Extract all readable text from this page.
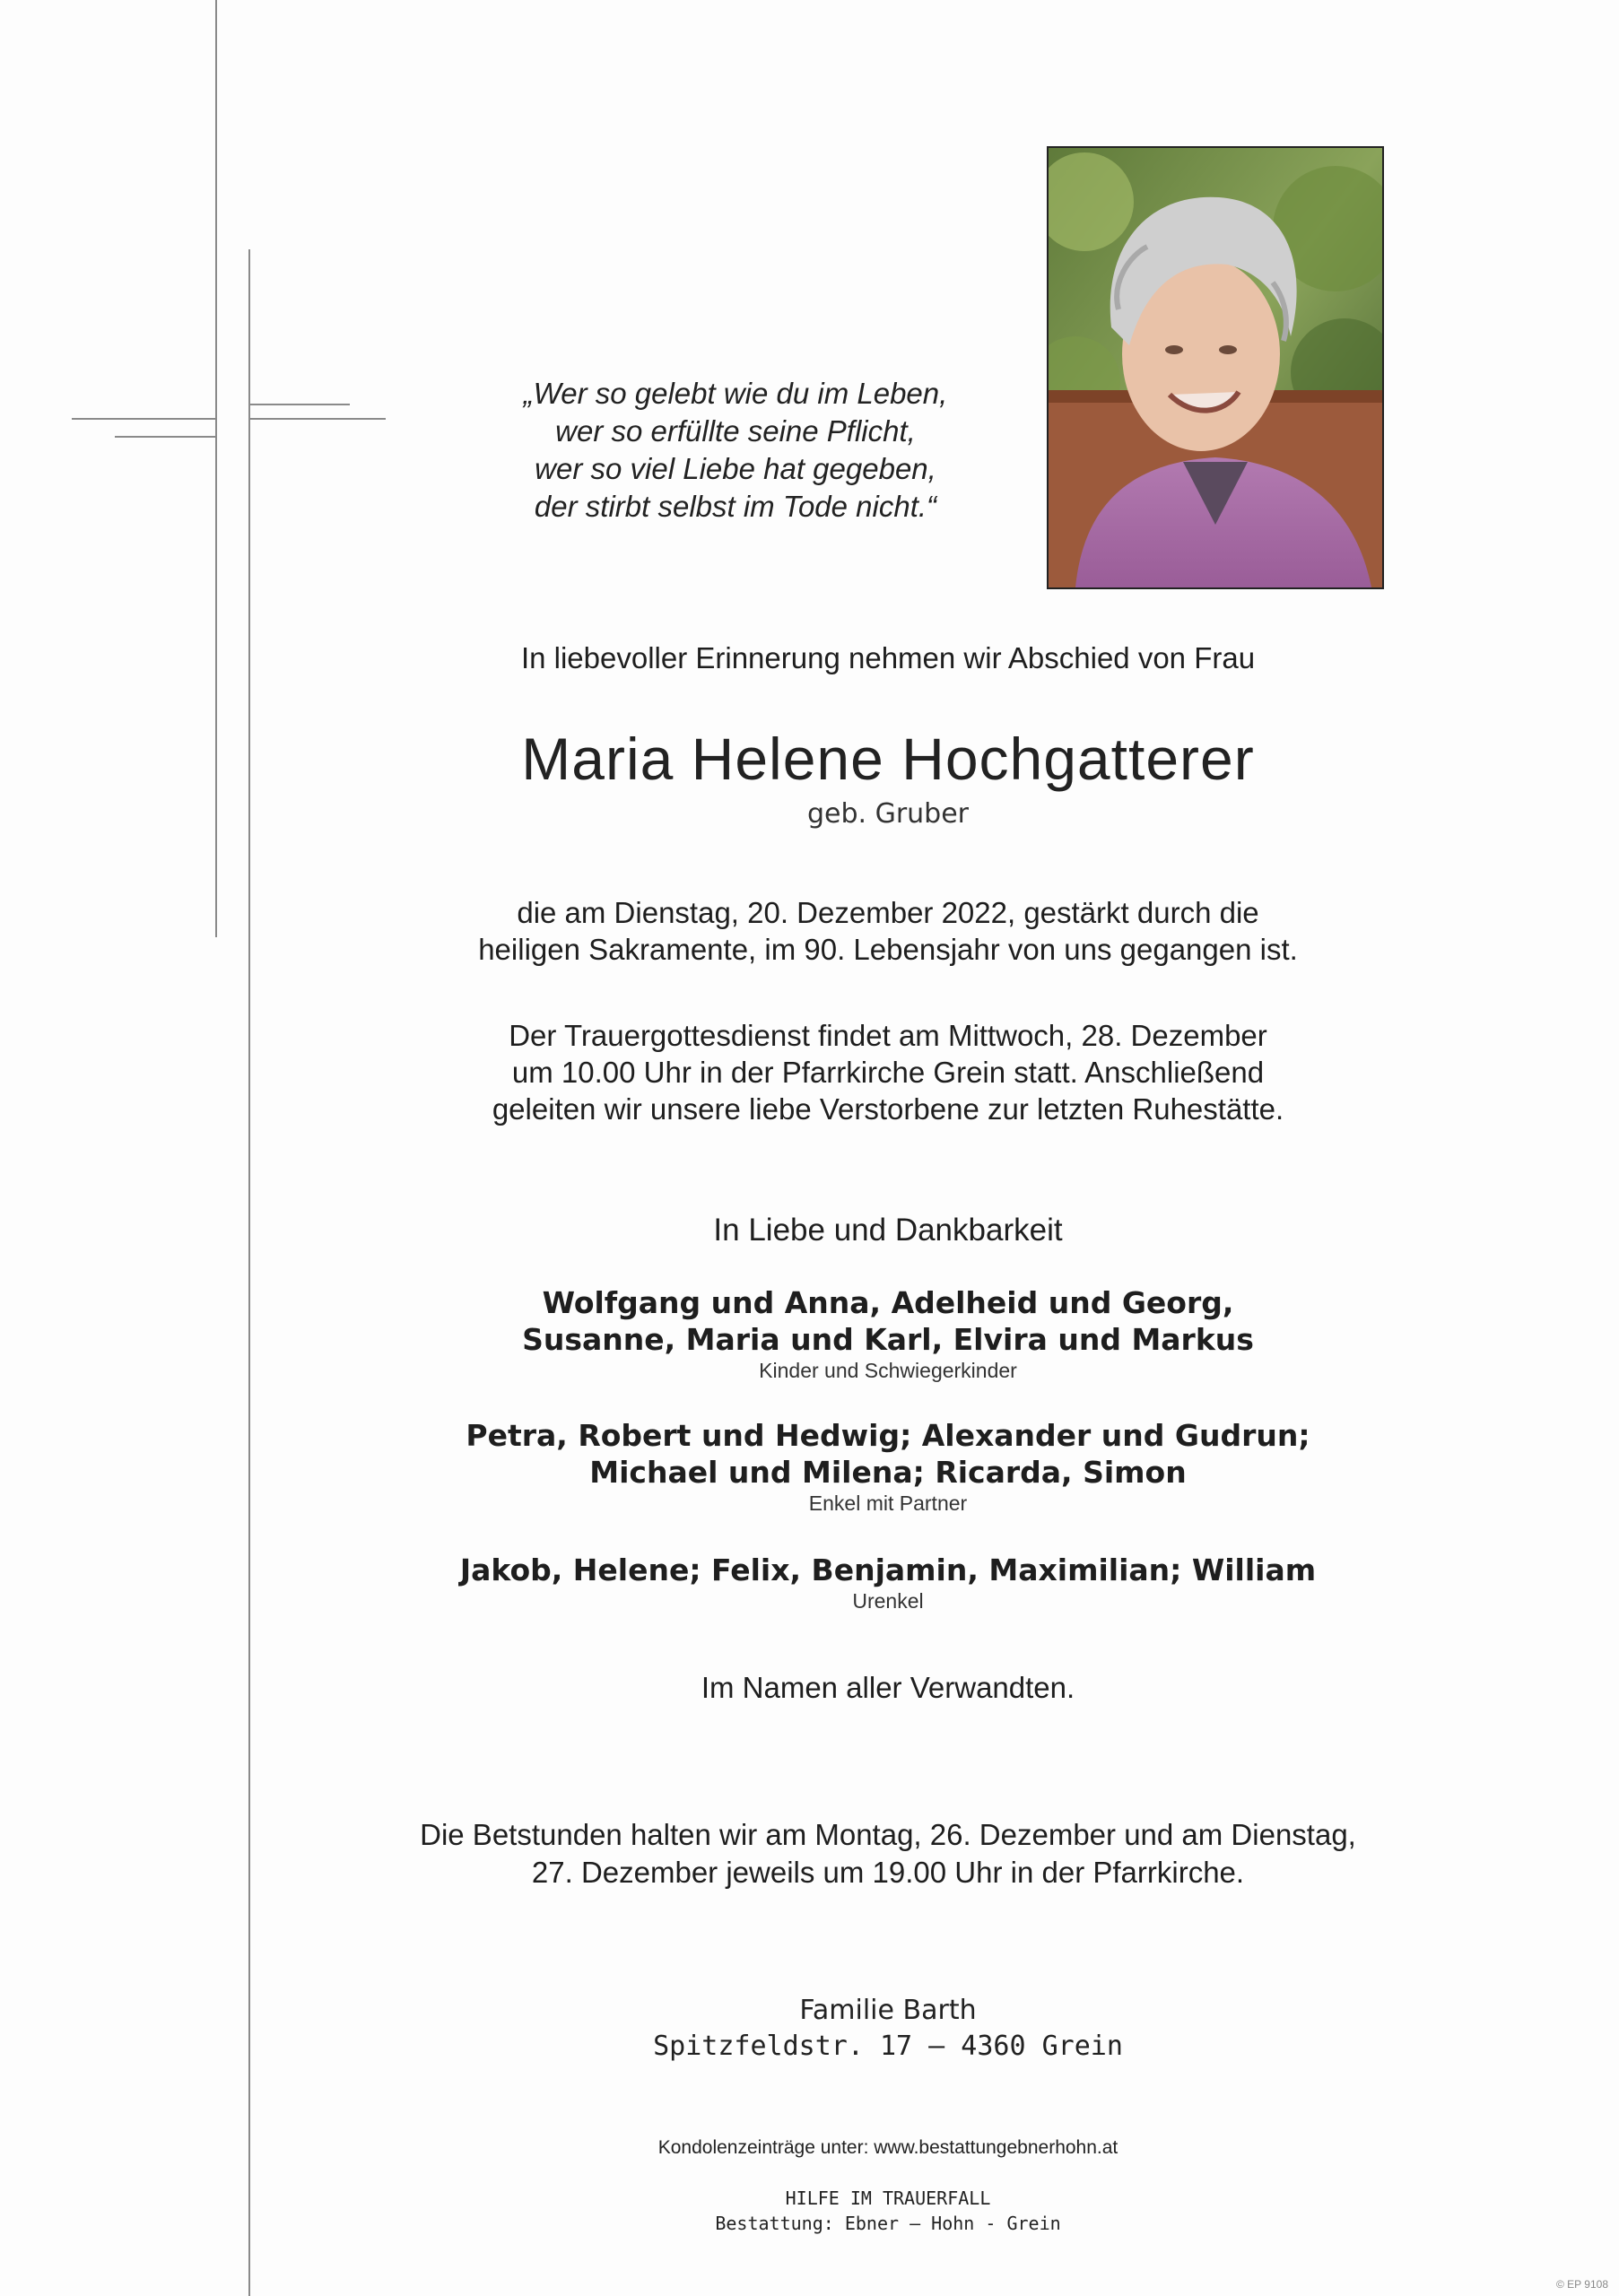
„Wer so gelebt wie du im Leben,
wer so erfüllte seine Pflicht,
wer so viel Liebe hat gegeben,
der stirbt selbst im Tode nicht.“
In liebevoller Erinnerung nehmen wir Abschied von Frau
Maria Helene Hochgatterer
geb. Gruber
die am Dienstag, 20. Dezember 2022, gestärkt durch die
heiligen Sakramente, im 90. Lebensjahr von uns gegangen ist.
Der Trauergottesdienst findet am Mittwoch, 28. Dezember
um 10.00 Uhr in der Pfarrkirche Grein statt. Anschließend
geleiten wir unsere liebe Verstorbene zur letzten Ruhestätte.
In Liebe und Dankbarkeit
Wolfgang und Anna, Adelheid und Georg,
Susanne, Maria und Karl, Elvira und Markus
Kinder und Schwiegerkinder
Petra, Robert und Hedwig; Alexander und Gudrun;
Michael und Milena; Ricarda, Simon
Enkel mit Partner
Jakob, Helene; Felix, Benjamin, Maximilian; William
Urenkel
Im Namen aller Verwandten.
Die Betstunden halten wir am Montag, 26. Dezember und am Dienstag,
27. Dezember jeweils um 19.00 Uhr in der Pfarrkirche.
Familie Barth
Spitzfeldstr. 17 – 4360 Grein
Kondolenzeinträge unter: www.bestattungebnerhohn.at
HILFE IM TRAUERFALL
Bestattung: Ebner – Hohn - Grein
© EP 9108
